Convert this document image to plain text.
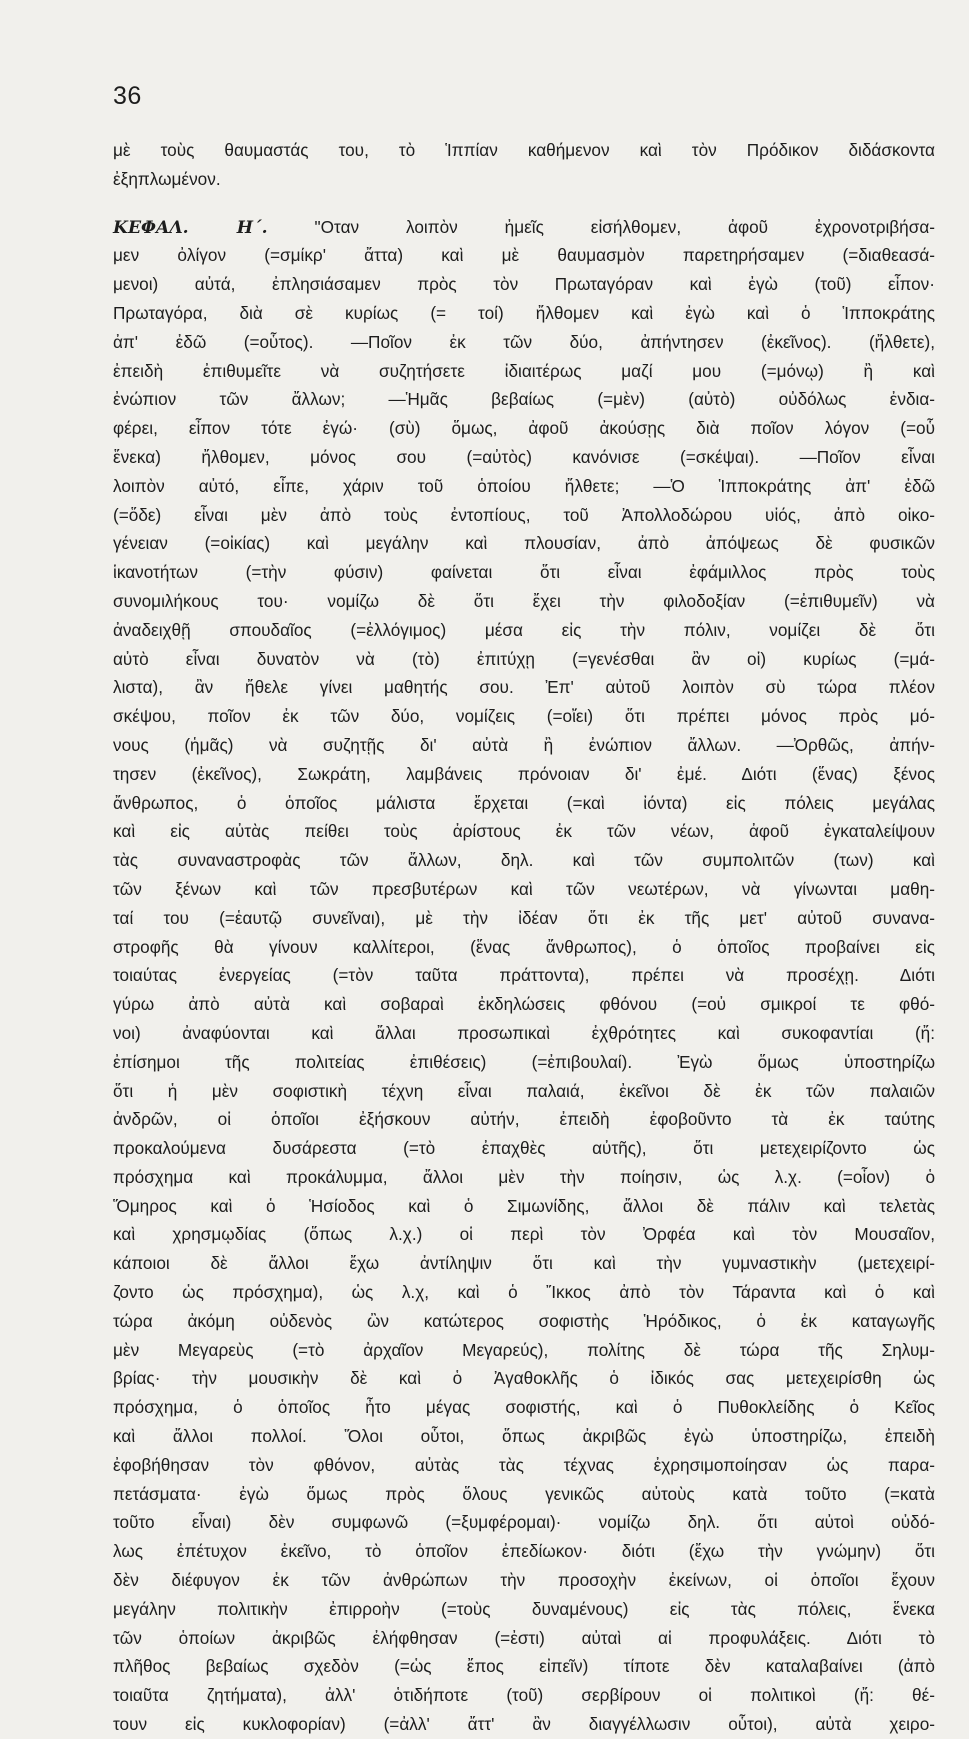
36
μὲ τοὺς θαυμαστάς του, τὸ Ἱππίαν καθήμενον καὶ τὸν Πρόδικον διδάσκοντα
ἐξηπλωμένον.
ΚΕΦΑΛ. Η΄.	"Οταν λοιπὸν ἠμεῖς εἰσήλθομεν, ἀφοῦ ἐχρονοτριβήσα-
μεν ὀλίγον (=σμίκρ' ἄττα) καὶ μὲ θαυμασμὸν παρετηρήσαμεν (=διαθεασά-
μενοι) αὐτά, ἐπλησιάσαμεν πρὸς τὸν Πρωταγόραν καὶ ἐγὼ (τοῦ) εἶπον·
Πρωταγόρα, διὰ σὲ κυρίως (= τοί) ἤλθομεν καὶ ἐγὼ καὶ ὁ Ἱπποκράτης
ἀπ' ἐδῶ (=οὗτος). —Ποῖον ἐκ τῶν δύο, ἀπήντησεν (ἐκεῖνος). (ἤλθετε),
ἐπειδὴ ἐπιθυμεῖτε νὰ συζητήσετε ἰδιαιτέρως μαζί μου (=μόνῳ) ἢ καὶ
ἐνώπιον τῶν ἄλλων; —Ἡμᾶς βεβαίως (=μὲν) (αὐτὸ) οὐδόλως ἐνδια-
φέρει, εἶπον τότε ἐγώ· (σὺ) ὅμως, ἀφοῦ ἀκούσῃς διὰ ποῖον λόγον (=οὗ
ἕνεκα) ἤλθομεν, μόνος σου (=αὐτὸς) κανόνισε (=σκέψαι). —Ποῖον εἶναι
λοιπὸν αὐτό, εἶπε, χάριν τοῦ ὁποίου ἤλθετε; —Ὁ Ἱπποκράτης ἀπ' ἐδῶ
(=ὅδε) εἶναι μὲν ἀπὸ τοὺς ἐντοπίους, τοῦ Ἀπολλοδώρου υἱός, ἀπὸ οἰκο-
γένειαν (=οἰκίας) καὶ μεγάλην καὶ πλουσίαν, ἀπὸ ἀπόψεως δὲ φυσικῶν
ἱκανοτήτων (=τὴν φύσιν) φαίνεται ὅτι εἶναι ἐφάμιλλος πρὸς τοὺς
συνομιλήκους του· νομίζω δὲ ὅτι ἔχει τὴν φιλοδοξίαν (=ἐπιθυμεῖν) νὰ
ἀναδειχθῇ σπουδαῖος (=ἐλλόγιμος) μέσα εἰς τὴν πόλιν, νομίζει δὲ ὅτι
αὐτὸ εἶναι δυνατὸν νὰ (τὸ) ἐπιτύχῃ (=γενέσθαι ἂν οἱ) κυρίως (=μά-
λιστα), ἂν ἤθελε γίνει μαθητής σου. Ἐπ' αὐτοῦ λοιπὸν σὺ τώρα πλέον
σκέψου, ποῖον ἐκ τῶν δύο, νομίζεις (=οἴει) ὅτι πρέπει μόνος πρὸς μό-
νους (ἡμᾶς) νὰ συζητῇς δι' αὐτὰ ἢ ἐνώπιον ἄλλων. —Ὀρθῶς, ἀπήν-
τησεν (ἐκεῖνος), Σωκράτη, λαμβάνεις πρόνοιαν δι' ἐμέ. Διότι (ἕνας) ξένος
ἄνθρωπος, ὁ ὁποῖος μάλιστα ἔρχεται (=καὶ ἰόντα) εἰς πόλεις μεγάλας
καὶ εἰς αὐτὰς πείθει τοὺς ἀρίστους ἐκ τῶν νέων, ἀφοῦ ἐγκαταλείψουν
τὰς συναναστροφὰς τῶν ἄλλων, δηλ. καὶ τῶν συμπολιτῶν (των) καὶ
τῶν ξένων καὶ τῶν πρεσβυτέρων καὶ τῶν νεωτέρων, νὰ γίνωνται μαθη-
ταί του (=ἑαυτῷ συνεῖναι), μὲ τὴν ἰδέαν ὅτι ἐκ τῆς μετ' αὐτοῦ συνανα-
στροφῆς θὰ γίνουν καλλίτεροι, (ἕνας ἄνθρωπος), ὁ ὁποῖος προβαίνει εἰς
τοιαύτας ἐνεργείας (=τὸν ταῦτα πράττοντα), πρέπει νὰ προσέχῃ. Διότι
γύρω ἀπὸ αὐτὰ καὶ σοβαραὶ ἐκδηλώσεις φθόνου (=οὐ σμικροί τε φθό-
νοι) ἀναφύονται καὶ ἄλλαι προσωπικαὶ ἐχθρότητες καὶ συκοφαντίαι (ἤ:
ἐπίσημοι τῆς πολιτείας ἐπιθέσεις) (=ἐπιβουλαί). Ἐγὼ ὅμως ὑποστηρίζω
ὅτι ἡ μὲν σοφιστικὴ τέχνη εἶναι παλαιά, ἐκεῖνοι δὲ ἐκ τῶν παλαιῶν
ἀνδρῶν, οἱ ὁποῖοι ἐξήσκουν αὐτήν, ἐπειδὴ ἐφοβοῦντο τὰ ἐκ ταύτης
προκαλούμενα δυσάρεστα (=τὸ ἐπαχθὲς αὐτῆς), ὅτι μετεχειρίζοντο ὡς
πρόσχημα καὶ προκάλυμμα, ἄλλοι μὲν τὴν ποίησιν, ὡς λ.χ. (=οἷον) ὁ
Ὅμηρος καὶ ὁ Ἡσίοδος καὶ ὁ Σιμωνίδης, ἄλλοι δὲ πάλιν καὶ τελετὰς
καὶ χρησμῳδίας (ὅπως λ.χ.) οἱ περὶ τὸν Ὀρφέα καὶ τὸν Μουσαῖον,
κάποιοι δὲ ἄλλοι ἔχω ἀντίληψιν ὅτι καὶ τὴν γυμναστικὴν (μετεχειρί-
ζοντο ὡς πρόσχημα), ὡς λ.χ, καὶ ὁ Ἴκκος ἀπὸ τὸν Τάραντα καὶ ὁ καὶ
τώρα ἀκόμη οὐδενὸς ὢν κατώτερος σοφιστὴς Ἡρόδικος, ὁ ἐκ καταγωγῆς
μὲν Μεγαρεὺς (=τὸ ἀρχαῖον Μεγαρεύς), πολίτης δὲ τώρα τῆς Σηλυμ-
βρίας· τὴν μουσικὴν δὲ καὶ ὁ Ἀγαθοκλῆς ὁ ἰδικός σας μετεχειρίσθη ὡς
πρόσχημα, ὁ ὁποῖος ἦτο μέγας σοφιστής, καὶ ὁ Πυθοκλείδης ὁ Κεῖος
καὶ ἄλλοι πολλοί. Ὅλοι οὗτοι, ὅπως ἀκριβῶς ἐγὼ ὑποστηρίζω, ἐπειδὴ
ἐφοβήθησαν τὸν φθόνον, αὐτὰς τὰς τέχνας ἐχρησιμοποίησαν ὡς παρα-
πετάσματα· ἐγὼ ὅμως πρὸς ὅλους γενικῶς αὐτοὺς κατὰ τοῦτο (=κατὰ
τοῦτο εἶναι) δὲν συμφωνῶ (=ξυμφέρομαι)· νομίζω δηλ. ὅτι αὐτοὶ οὐδό-
λως ἐπέτυχον ἐκεῖνο, τὸ ὁποῖον ἐπεδίωκον· διότι (ἔχω τὴν γνώμην) ὅτι
δὲν διέφυγον ἐκ τῶν ἀνθρώπων τὴν προσοχὴν ἐκείνων, οἱ ὁποῖοι ἔχουν
μεγάλην πολιτικὴν ἐπιρροὴν (=τοὺς δυναμένους) εἰς τὰς πόλεις, ἕνεκα
τῶν ὁποίων ἀκριβῶς ἐλήφθησαν (=ἐστι) αὐταὶ αἱ προφυλάξεις. Διότι τὸ
πλῆθος βεβαίως σχεδὸν (=ὡς ἔπος εἰπεῖν) τίποτε δὲν καταλαβαίνει (ἀπὸ
τοιαῦτα ζητήματα), ἀλλ' ὁτιδήποτε (τοῦ) σερβίρουν οἱ πολιτικοὶ (ἤ: θέ-
τουν εἰς κυκλοφορίαν) (=ἀλλ' ἄττ' ἂν διαγγέλλωσιν οὗτοι), αὐτὰ χειρο-
